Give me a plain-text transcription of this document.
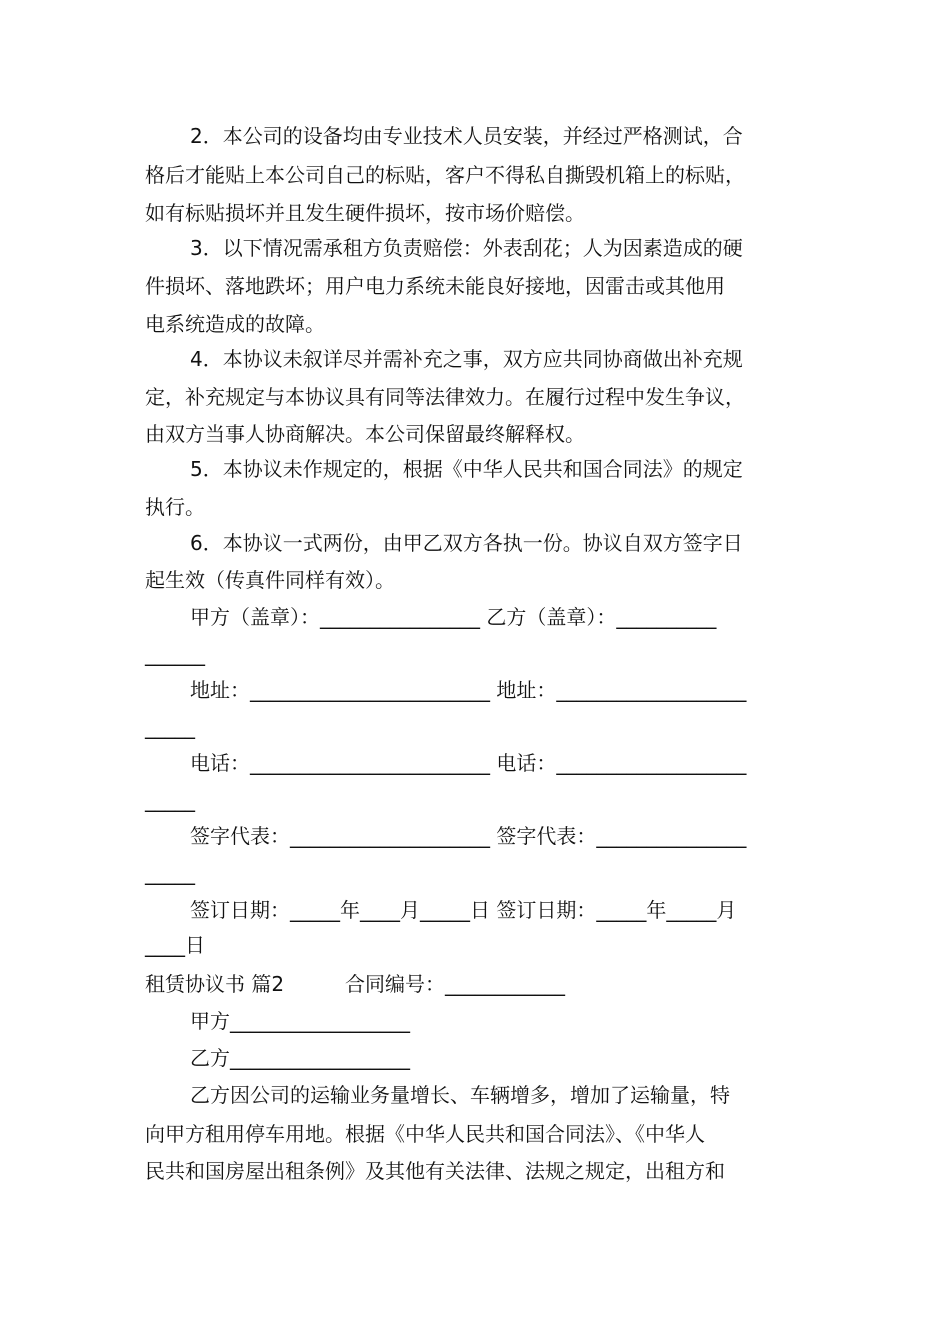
2．本公司的设备均由专业技术人员安装，并经过严格测试，合
格后才能贴上本公司自己的标贴，客户不得私自撕毁机箱上的标贴，
如有标贴损坏并且发生硬件损坏，按市场价赔偿。
3．以下情况需承租方负责赔偿：外表刮花；人为因素造成的硬
件损坏、落地跌坏；用户电力系统未能良好接地，因雷击或其他用
电系统造成的故障。
4．本协议未叙详尽并需补充之事，双方应共同协商做出补充规
定，补充规定与本协议具有同等法律效力。在履行过程中发生争议，
由双方当事人协商解决。本公司保留最终解释权。
5．本协议未作规定的，根据《中华人民共和国合同法》的规定
执行。
6．本协议一式两份，由甲乙双方各执一份。协议自双方签字日
起生效（传真件同样有效）。
甲方（盖章）：________________ 乙方（盖章）：__________
______
地址：________________________ 地址：___________________
_____
电话：________________________ 电话：___________________
_____
签字代表：____________________ 签字代表：_______________
_____
签订日期：_____年____月_____日 签订日期：_____年_____月
____日
租赁协议书 篇2	合同编号：____________
甲方__________________
乙方__________________
乙方因公司的运输业务量增长、车辆增多，增加了运输量，特
向甲方租用停车用地。根据《中华人民共和国合同法》、《中华人
民共和国房屋出租条例》及其他有关法律、法规之规定，出租方和
